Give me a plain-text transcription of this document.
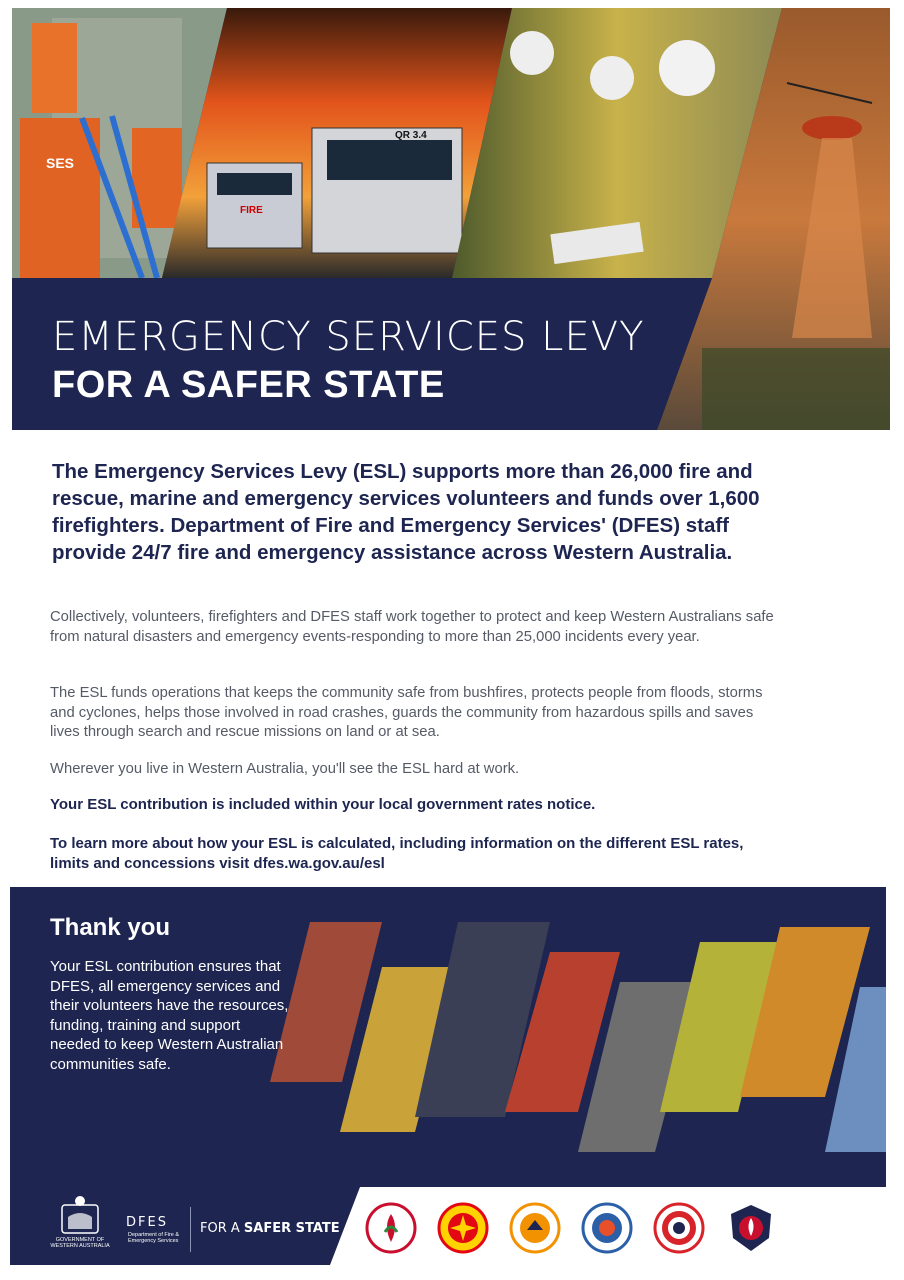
SES
FIRE
QR 3.4
EMERGENCY SERVICES LEVY
FOR A SAFER STATE

The Emergency Services Levy (ESL) supports more than 26,000 fire and rescue, marine and emergency services volunteers and funds over 1,600 firefighters. Department of Fire and Emergency Services' (DFES) staff provide 24/7 fire and emergency assistance across Western Australia.

Collectively, volunteers, firefighters and DFES staff work together to protect and keep Western Australians safe from natural disasters and emergency events-responding to more than 25,000 incidents every year.

The ESL funds operations that keeps the community safe from bushfires, protects people from floods, storms and cyclones, helps those involved in road crashes, guards the community from hazardous spills and saves lives through search and rescue missions on land or at sea.

Wherever you live in Western Australia, you'll see the ESL hard at work.

Your ESL contribution is included within your local government rates notice.

To learn more about how your ESL is calculated, including information on the different ESL rates, limits and concessions visit dfes.wa.gov.au/esl

Thank you

Your ESL contribution ensures that DFES, all emergency services and their volunteers have the resources, funding, training and support needed to keep Western Australian communities safe.

GOVERNMENT OF WESTERN AUSTRALIA
DFES
Department of Fire & Emergency Services
FOR A SAFER STATE
